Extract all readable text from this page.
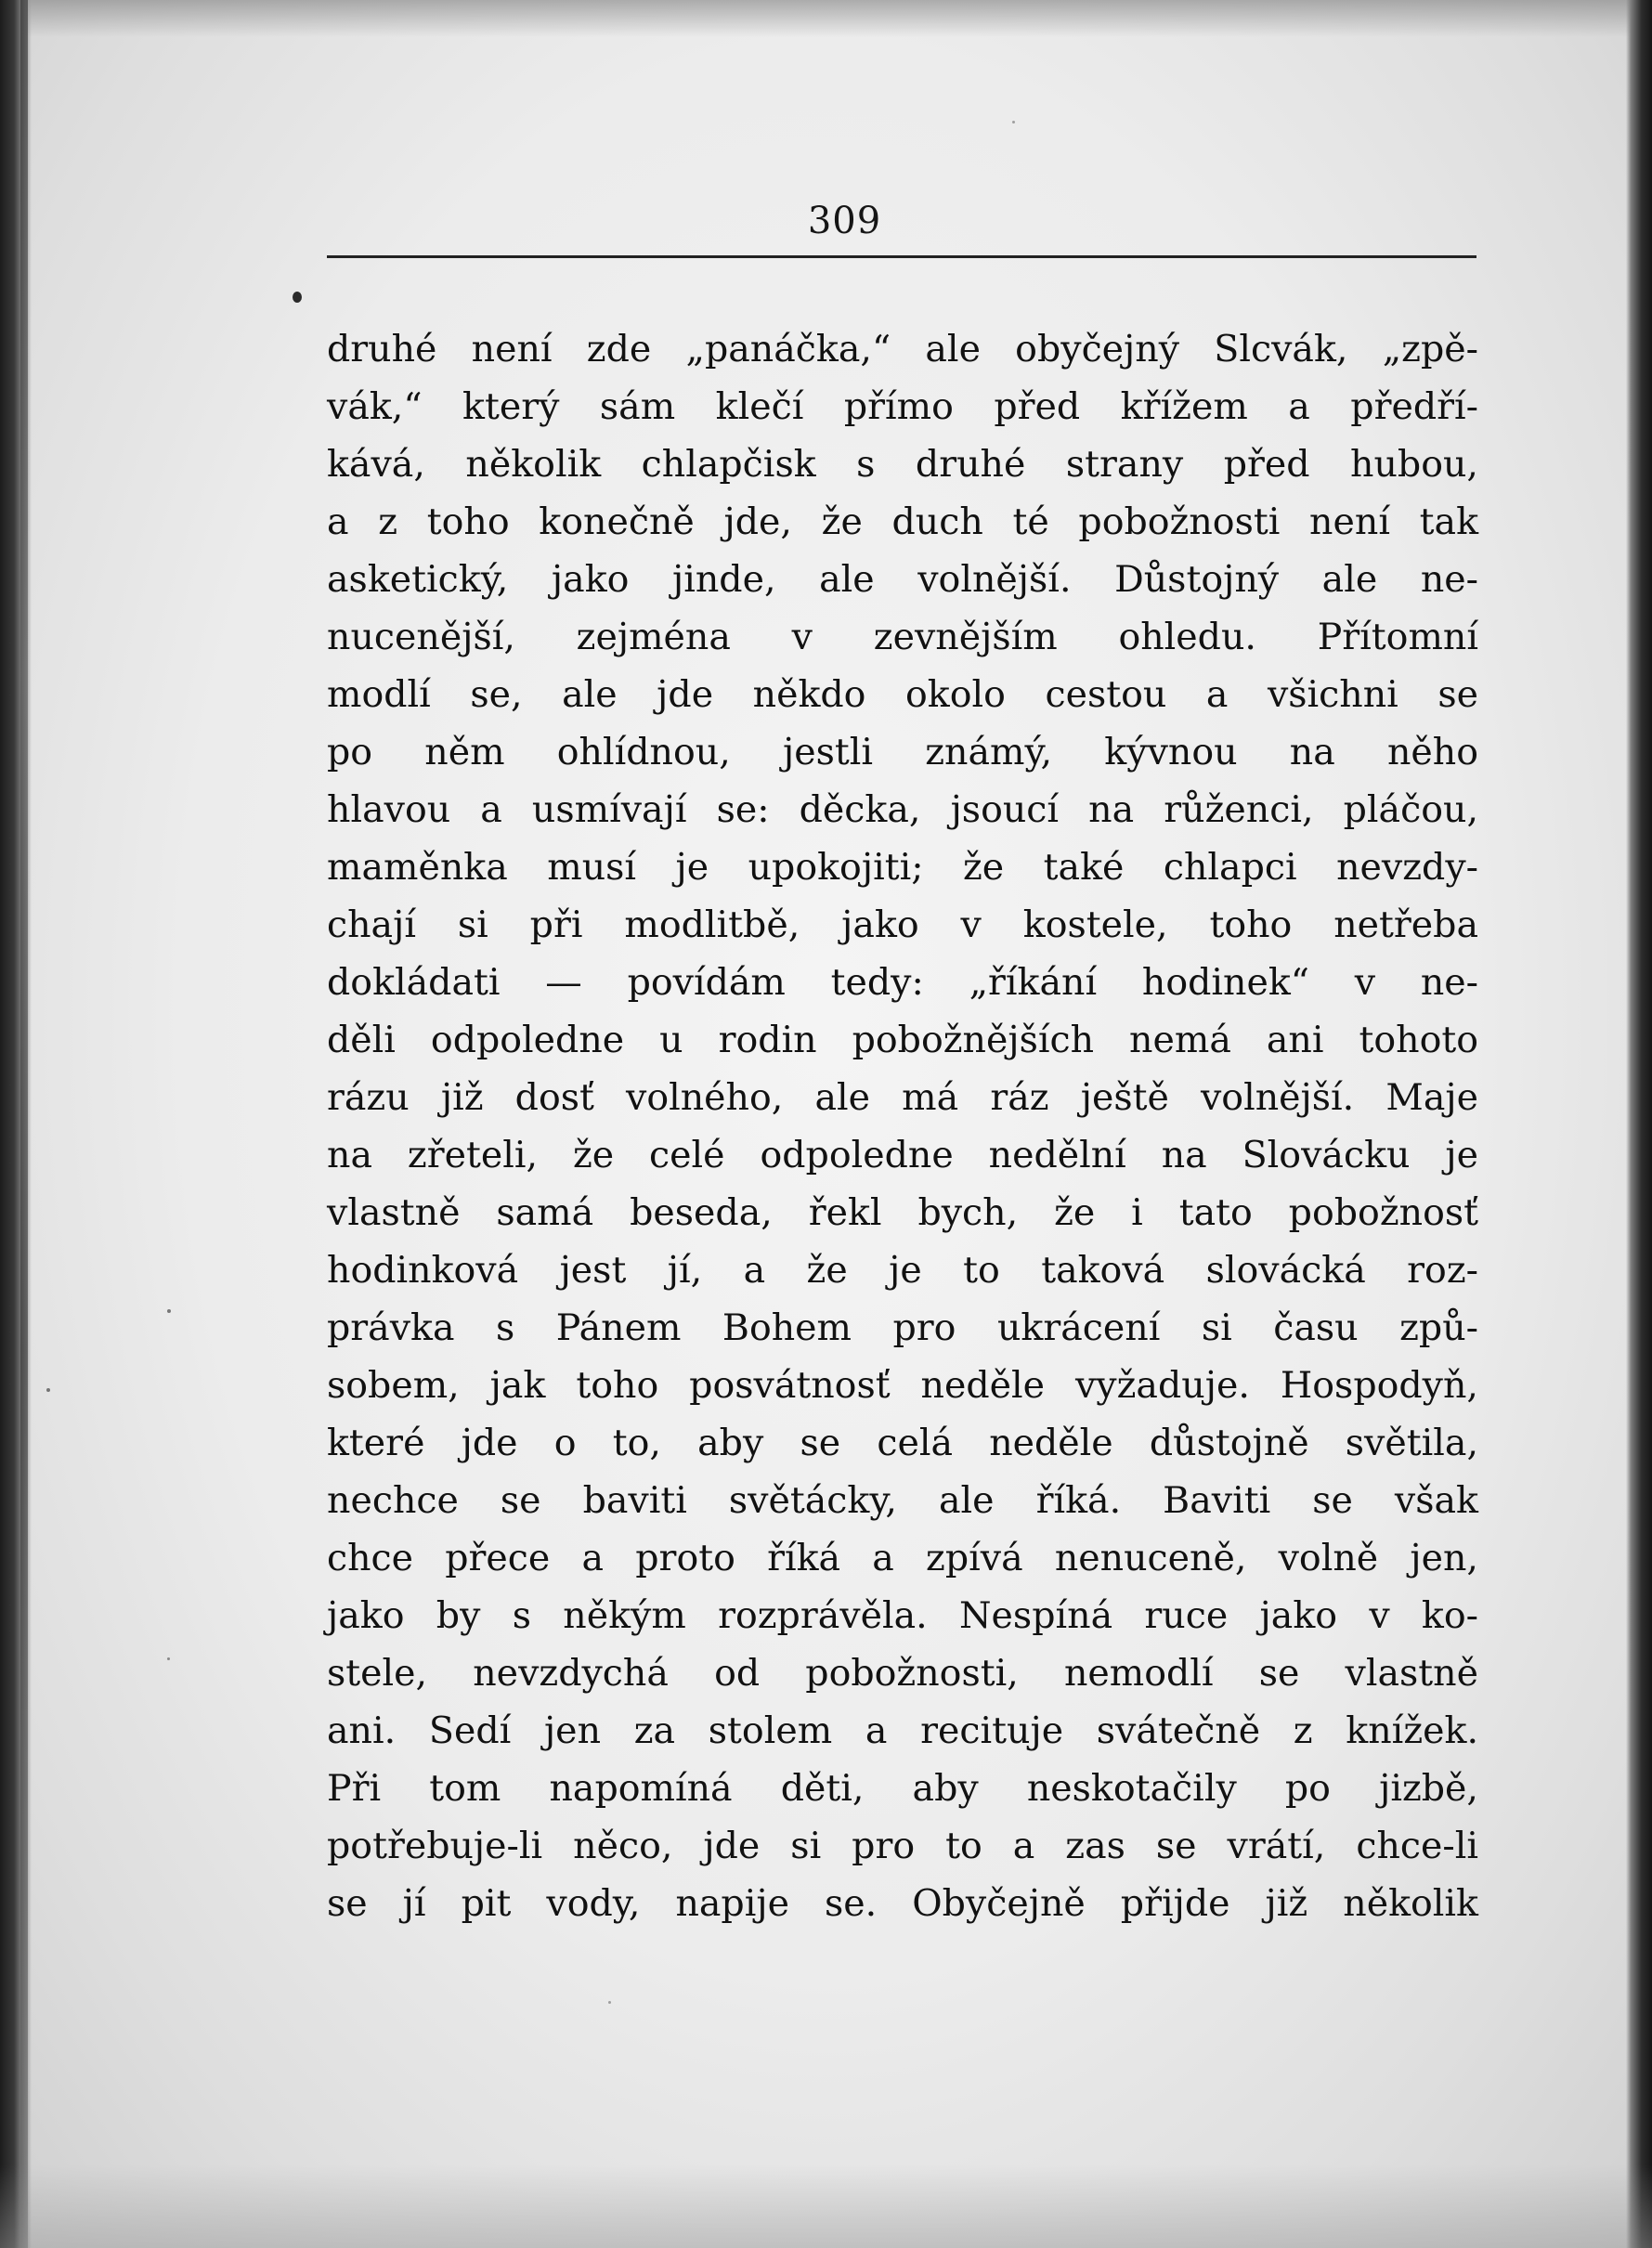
309
druhé není zde „panáčka,“ ale obyčejný Slcvák, „zpě-
vák,“ který sám klečí přímo před křížem a předří-
kává, několik chlapčisk s druhé strany před hubou,
a z toho konečně jde, že duch té pobožnosti není tak
asketický, jako jinde, ale volnější. Důstojný ale ne-
nucenější, zejména v zevnějším ohledu. Přítomní
modlí se, ale jde někdo okolo cestou a všichni se
po něm ohlídnou, jestli známý, kývnou na něho
hlavou a usmívají se: děcka, jsoucí na růženci, pláčou,
maměnka musí je upokojiti; že také chlapci nevzdy-
chají si při modlitbě, jako v kostele, toho netřeba
dokládati — povídám tedy: „říkání hodinek“ v ne-
děli odpoledne u rodin pobožnějších nemá ani tohoto
rázu již dosť volného, ale má ráz ještě volnější. Maje
na zřeteli, že celé odpoledne nedělní na Slovácku je
vlastně samá beseda, řekl bych, že i tato pobožnosť
hodinková jest jí, a že je to taková slovácká roz-
právka s Pánem Bohem pro ukrácení si času způ-
sobem, jak toho posvátnosť neděle vyžaduje. Hospodyň,
které jde o to, aby se celá neděle důstojně světila,
nechce se baviti světácky, ale říká. Baviti se však
chce přece a proto říká a zpívá nenuceně, volně jen,
jako by s někým rozprávěla. Nespíná ruce jako v ko-
stele, nevzdychá od pobožnosti, nemodlí se vlastně
ani. Sedí jen za stolem a recituje svátečně z knížek.
Při tom napomíná děti, aby neskotačily po jizbě,
potřebuje-li něco, jde si pro to a zas se vrátí, chce-li
se jí pit vody, napije se. Obyčejně přijde již několik
